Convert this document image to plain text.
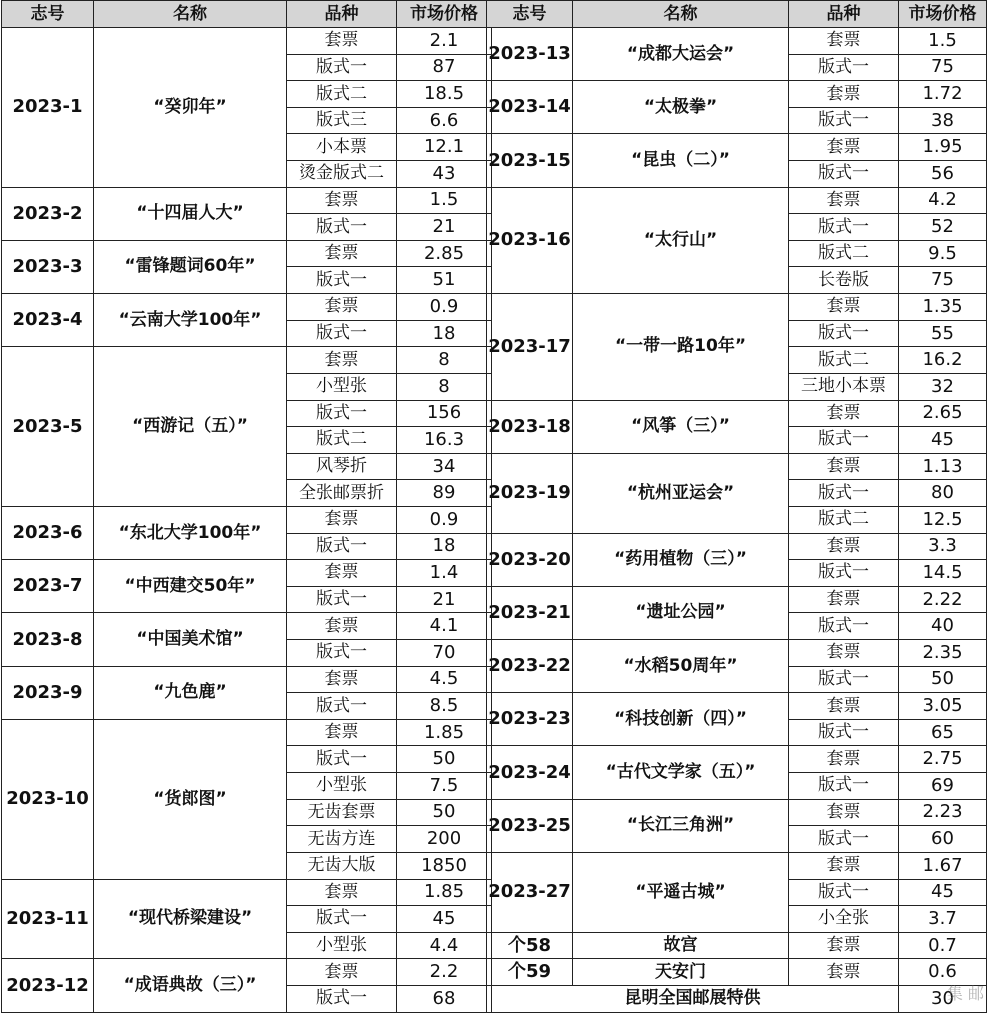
志号	名称	品种	市场价格
2023-1	“癸卯年”	套票	2.1
		版式一	87
		版式二	18.5
		版式三	6.6
		小本票	12.1
		烫金版式二	43
2023-2	“十四届人大”	套票	1.5
		版式一	21
2023-3	“雷锋题词60年”	套票	2.85
		版式一	51
2023-4	“云南大学100年”	套票	0.9
		版式一	18
2023-5	“西游记（五）”	套票	8
		小型张	8
		版式一	156
		版式二	16.3
		风琴折	34
		全张邮票折	89
2023-6	“东北大学100年”	套票	0.9
		版式一	18
2023-7	“中西建交50年”	套票	1.4
		版式一	21
2023-8	“中国美术馆”	套票	4.1
		版式一	70
2023-9	“九色鹿”	套票	4.5
		版式一	8.5
2023-10	“货郎图”	套票	1.85
		版式一	50
		小型张	7.5
		无齿套票	50
		无齿方连	200
		无齿大版	1850
2023-11	“现代桥梁建设”	套票	1.85
		版式一	45
		小型张	4.4
2023-12	“成语典故（三）”	套票	2.2
		版式一	68
志号	名称	品种	市场价格
2023-13	“成都大运会”	套票	1.5
		版式一	75
2023-14	“太极拳”	套票	1.72
		版式一	38
2023-15	“昆虫（二）”	套票	1.95
		版式一	56
2023-16	“太行山”	套票	4.2
		版式一	52
		版式二	9.5
		长卷版	75
2023-17	“一带一路10年”	套票	1.35
		版式一	55
		版式二	16.2
		三地小本票	32
2023-18	“风筝（三）”	套票	2.65
		版式一	45
2023-19	“杭州亚运会”	套票	1.13
		版式一	80
		版式二	12.5
2023-20	“药用植物（三）”	套票	3.3
		版式一	14.5
2023-21	“遗址公园”	套票	2.22
		版式一	40
2023-22	“水稻50周年”	套票	2.35
		版式一	50
2023-23	“科技创新（四）”	套票	3.05
		版式一	65
2023-24	“古代文学家（五）”	套票	2.75
		版式一	69
2023-25	“长江三角洲”	套票	2.23
		版式一	60
2023-27	“平遥古城”	套票	1.67
		版式一	45
		小全张	3.7
个58	故宫	套票	0.7
个59	天安门	套票	0.6
昆明全国邮展特供			30
集 邮
